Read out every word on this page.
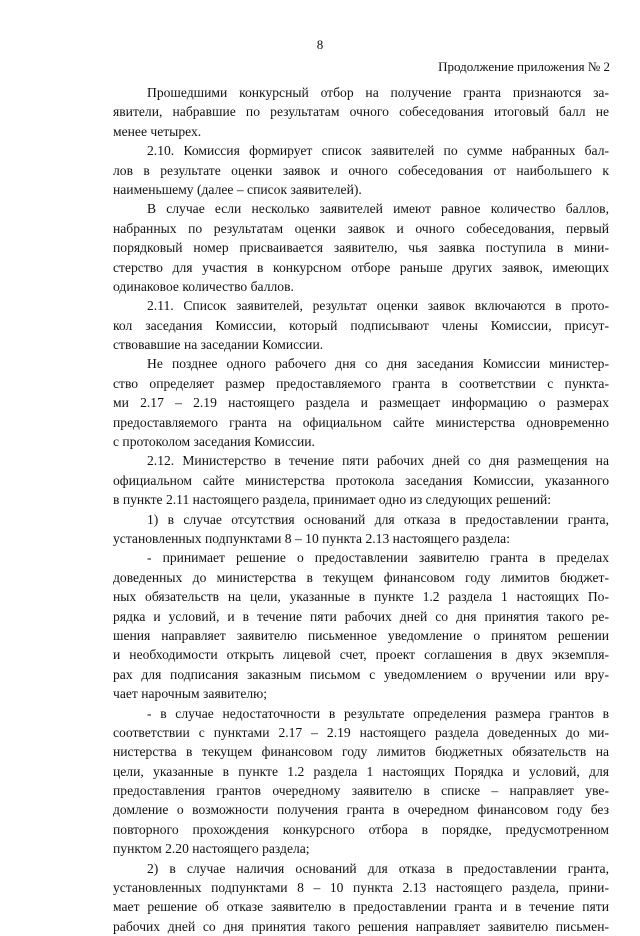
8
Продолжение приложения № 2
Прошедшими конкурсный отбор на получение гранта признаются за-
явители, набравшие по результатам очного собеседования итоговый балл не
менее четырех.
2.10. Комиссия формирует список заявителей по сумме набранных бал-
лов в результате оценки заявок и очного собеседования от наибольшего к
наименьшему (далее – список заявителей).
В случае если несколько заявителей имеют равное количество баллов,
набранных по результатам оценки заявок и очного собеседования, первый
порядковый номер присваивается заявителю, чья заявка поступила в мини-
стерство для участия в конкурсном отборе раньше других заявок, имеющих
одинаковое количество баллов.
2.11. Список заявителей, результат оценки заявок включаются в прото-
кол заседания Комиссии, который подписывают члены Комиссии, присут-
ствовавшие на заседании Комиссии.
Не позднее одного рабочего дня со дня заседания Комиссии министер-
ство определяет размер предоставляемого гранта в соответствии с пункта-
ми 2.17 – 2.19 настоящего раздела и размещает информацию о размерах
предоставляемого гранта на официальном сайте министерства одновременно
с протоколом заседания Комиссии.
2.12. Министерство в течение пяти рабочих дней со дня размещения на
официальном сайте министерства протокола заседания Комиссии, указанного
в пункте 2.11 настоящего раздела, принимает одно из следующих решений:
1) в случае отсутствия оснований для отказа в предоставлении гранта,
установленных подпунктами 8 – 10 пункта 2.13 настоящего раздела:
- принимает решение о предоставлении заявителю гранта в пределах
доведенных до министерства в текущем финансовом году лимитов бюджет-
ных обязательств на цели, указанные в пункте 1.2 раздела 1 настоящих По-
рядка и условий, и в течение пяти рабочих дней со дня принятия такого ре-
шения направляет заявителю письменное уведомление о принятом решении
и необходимости открыть лицевой счет, проект соглашения в двух экземпля-
рах для подписания заказным письмом с уведомлением о вручении или вру-
чает нарочным заявителю;
- в случае недостаточности в результате определения размера грантов в
соответствии с пунктами 2.17 – 2.19 настоящего раздела доведенных до ми-
нистерства в текущем финансовом году лимитов бюджетных обязательств на
цели, указанные в пункте 1.2 раздела 1 настоящих Порядка и условий, для
предоставления грантов очередному заявителю в списке – направляет уве-
домление о возможности получения гранта в очередном финансовом году без
повторного прохождения конкурсного отбора в порядке, предусмотренном
пунктом 2.20 настоящего раздела;
2) в случае наличия оснований для отказа в предоставлении гранта,
установленных подпунктами 8 – 10 пункта 2.13 настоящего раздела, прини-
мает решение об отказе заявителю в предоставлении гранта и в течение пяти
рабочих дней со дня принятия такого решения направляет заявителю письмен-
